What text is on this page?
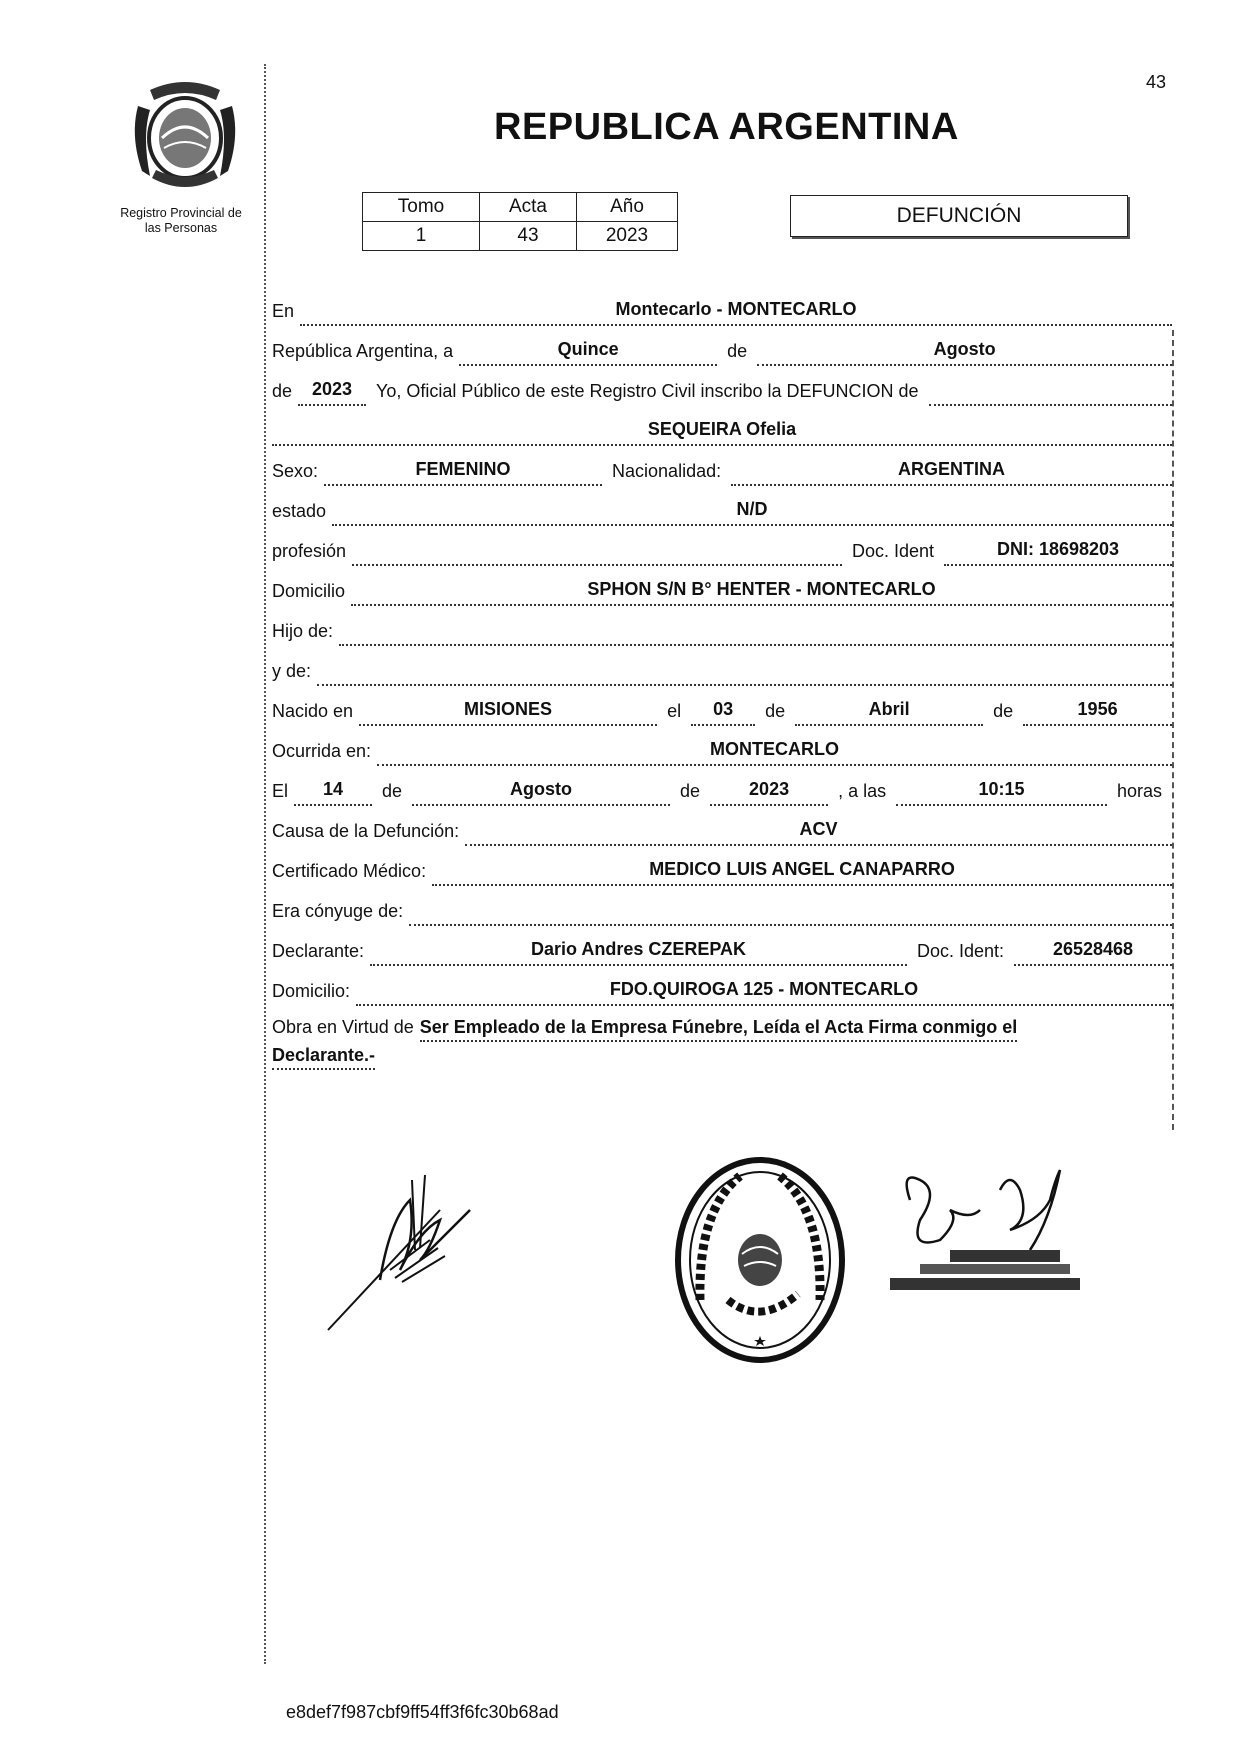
43
Registro Provincial de
las Personas
REPUBLICA ARGENTINA
Tomo	Acta	Año
1	43	2023
DEFUNCIÓN
En	Montecarlo - MONTECARLO
República Argentina, a	Quince	de	Agosto
de	2023	Yo, Oficial Público de este Registro Civil inscribo la DEFUNCION de
SEQUEIRA Ofelia
Sexo:	FEMENINO	Nacionalidad:	ARGENTINA
estado	N/D
profesión	Doc. Ident	DNI: 18698203
Domicilio	SPHON S/N B° HENTER - MONTECARLO
Hijo de:
y de:
Nacido en	MISIONES	el	03	de	Abril	de	1956
Ocurrida en:	MONTECARLO
El	14	de	Agosto	de	2023	, a las	10:15	horas
Causa de la Defunción:	ACV
Certificado Médico:	MEDICO LUIS ANGEL CANAPARRO
Era cónyuge de:
Declarante:	Dario Andres CZEREPAK	Doc. Ident:	26528468
Domicilio:	FDO.QUIROGA 125 - MONTECARLO
Obra en Virtud de Ser Empleado de la Empresa Fúnebre, Leída el Acta Firma conmigo el
Declarante.-
e8def7f987cbf9ff54ff3f6fc30b68ad
